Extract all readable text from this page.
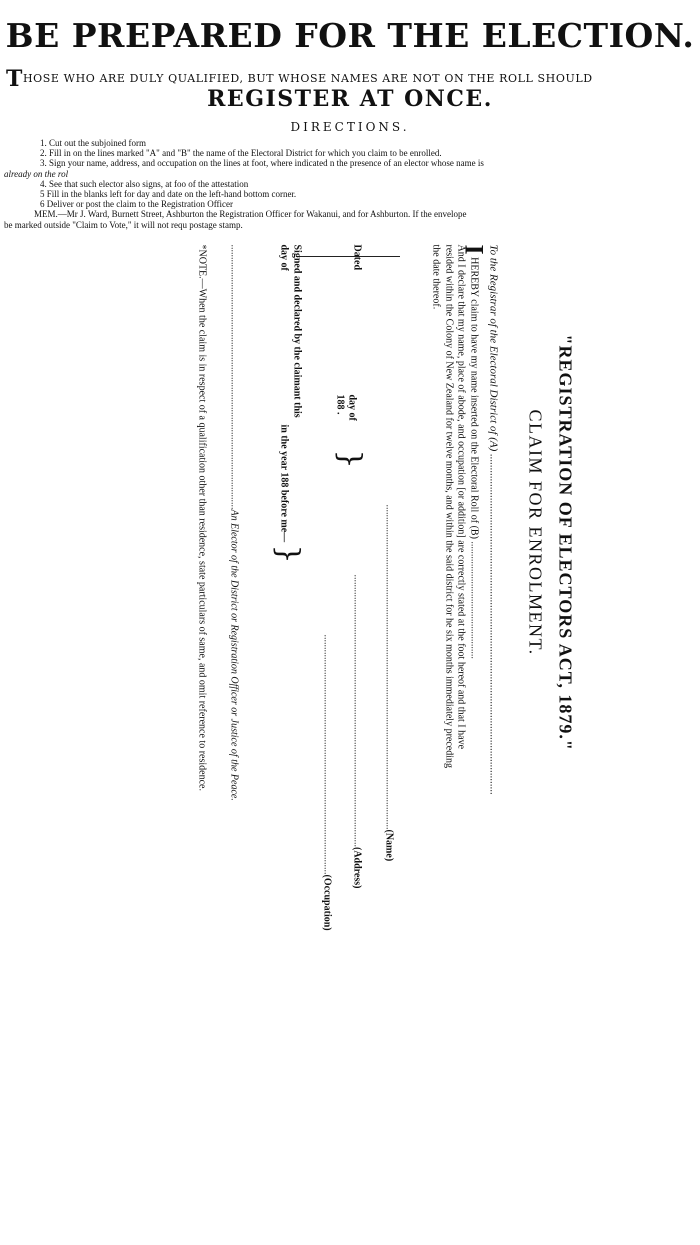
BE PREPARED FOR THE ELECTION.
THOSE WHO ARE DULY QUALIFIED, BUT WHOSE NAMES ARE NOT ON THE ROLL SHOULD
REGISTER AT ONCE.
DIRECTIONS.
1. Cut out the subjoined form
2. Fill in on the lines marked "A" and "B" the name of the Electoral District for which you claim to be enrolled.
3. Sign your name, address, and occupation on the lines at foot, where indicated n the presence of an elector whose name is
already on the rol
4. See that such elector also signs, at foo of the attestation
5 Fill in the blanks left for day and date on the left-hand bottom corner.
6 Deliver or post the claim to the Registration Officer
MEM.—Mr J. Ward, Burnett Street, Ashburton the Registration Officer for Wakanui, and for Ashburton. If the envelope
be marked outside "Claim to Vote," it will not requ postage stamp.
"REGISTRATION OF ELECTORS ACT, 1879."
CLAIM FOR ENROLMENT.
To the Registrar of the Electoral District of (A) ............................................................................................................................
I HEREBY claim to have my name inserted on the Electoral Roll of (B) ...............................................
And I declare that my name, place of abode, and occupation [or addition] are correctly stated at the foot hereof and that I have
resided within the Colony of New Zealand for twelve months, and within the said district for he six months immediately preceding
the date thereof.
Dated
day of
188 .
}
..................................................................................................................................(Name)
.............................................................................................................(Address)
................................................................................................(Occupation)
Signed and declared by the claimant this
day of
in the year 188 before me—
}
..........................................................................................................An Elector of the District or Registration Officer or Justice of the Peace.
*NOTE.—When the claim is in respect of a qualification other than residence, state particulars of same, and omit reference to residence.
